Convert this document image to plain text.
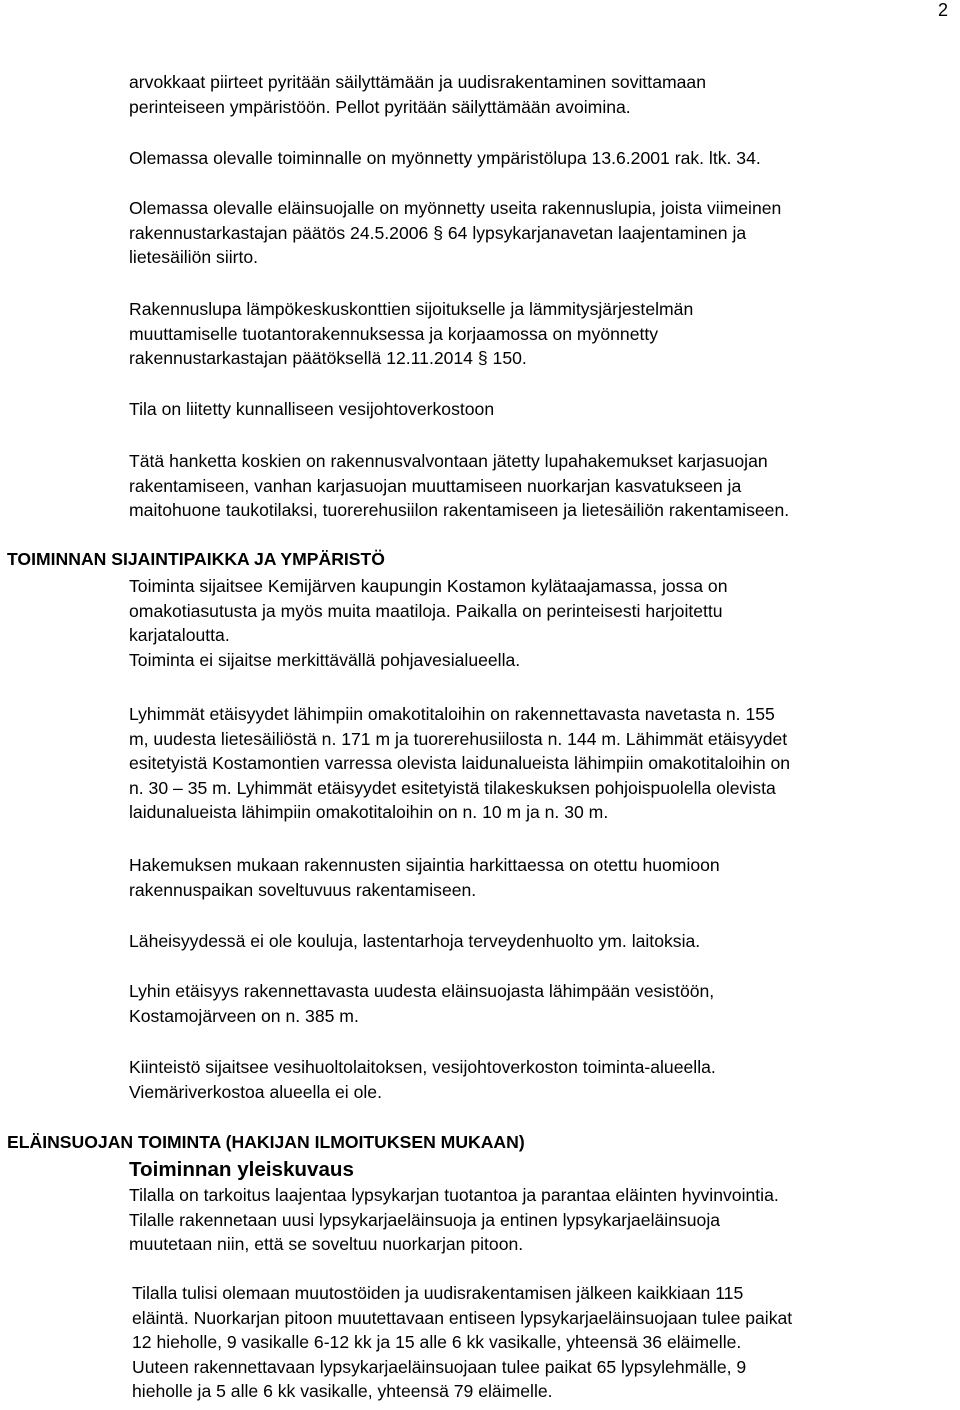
2
arvokkaat piirteet pyritään säilyttämään ja uudisrakentaminen sovittamaan
perinteiseen ympäristöön. Pellot pyritään säilyttämään avoimina.
Olemassa olevalle toiminnalle on myönnetty ympäristölupa 13.6.2001 rak. ltk. 34.
Olemassa olevalle eläinsuojalle on myönnetty useita rakennuslupia, joista viimeinen
rakennustarkastajan päätös 24.5.2006 § 64 lypsykarjanavetan laajentaminen ja
lietesäiliön siirto.
Rakennuslupa lämpökeskuskonttien sijoitukselle ja lämmitysjärjestelmän
muuttamiselle tuotantorakennuksessa ja korjaamossa on myönnetty
rakennustarkastajan päätöksellä 12.11.2014 § 150.
Tila on liitetty kunnalliseen vesijohtoverkostoon
Tätä hanketta koskien on rakennusvalvontaan jätetty lupahakemukset karjasuojan
rakentamiseen, vanhan karjasuojan muuttamiseen nuorkarjan kasvatukseen ja
maitohuone taukotilaksi, tuorerehusiilon rakentamiseen ja lietesäiliön rakentamiseen.
TOIMINNAN SIJAINTIPAIKKA JA YMPÄRISTÖ
Toiminta sijaitsee Kemijärven kaupungin Kostamon kylätaajamassa, jossa on
omakotiasutusta ja myös muita maatiloja. Paikalla on perinteisesti harjoitettu
karjataloutta.
Toiminta ei sijaitse merkittävällä pohjavesialueella.
Lyhimmät etäisyydet lähimpiin omakotitaloihin on rakennettavasta navetasta n. 155
m, uudesta lietesäiliöstä n. 171 m ja tuorerehusiilosta n. 144 m. Lähimmät etäisyydet
esitetyistä Kostamontien varressa olevista laidunalueista lähimpiin omakotitaloihin on
n. 30 – 35 m. Lyhimmät etäisyydet esitetyistä tilakeskuksen pohjoispuolella olevista
laidunalueista lähimpiin omakotitaloihin on n. 10 m ja n. 30 m.
Hakemuksen mukaan rakennusten sijaintia harkittaessa on otettu huomioon
rakennuspaikan soveltuvuus rakentamiseen.
Läheisyydessä ei ole kouluja, lastentarhoja terveydenhuolto ym. laitoksia.
Lyhin etäisyys rakennettavasta uudesta eläinsuojasta lähimpään vesistöön,
Kostamojärveen on n. 385 m.
Kiinteistö sijaitsee vesihuoltolaitoksen, vesijohtoverkoston toiminta-alueella.
Viemäriverkostoa alueella ei ole.
ELÄINSUOJAN TOIMINTA (HAKIJAN ILMOITUKSEN MUKAAN)
Toiminnan yleiskuvaus
Tilalla on tarkoitus laajentaa lypsykarjan tuotantoa ja parantaa eläinten hyvinvointia.
Tilalle rakennetaan uusi lypsykarjaeläinsuoja ja entinen lypsykarjaeläinsuoja
muutetaan niin, että se soveltuu nuorkarjan pitoon.
Tilalla tulisi olemaan muutostöiden ja uudisrakentamisen jälkeen kaikkiaan 115
eläintä. Nuorkarjan pitoon muutettavaan entiseen lypsykarjaeläinsuojaan tulee paikat
12 hieholle, 9 vasikalle 6-12 kk ja 15 alle 6 kk vasikalle, yhteensä 36 eläimelle.
Uuteen rakennettavaan lypsykarjaeläinsuojaan tulee paikat 65 lypsylehmälle, 9
hieholle ja 5 alle 6 kk vasikalle, yhteensä 79 eläimelle.
